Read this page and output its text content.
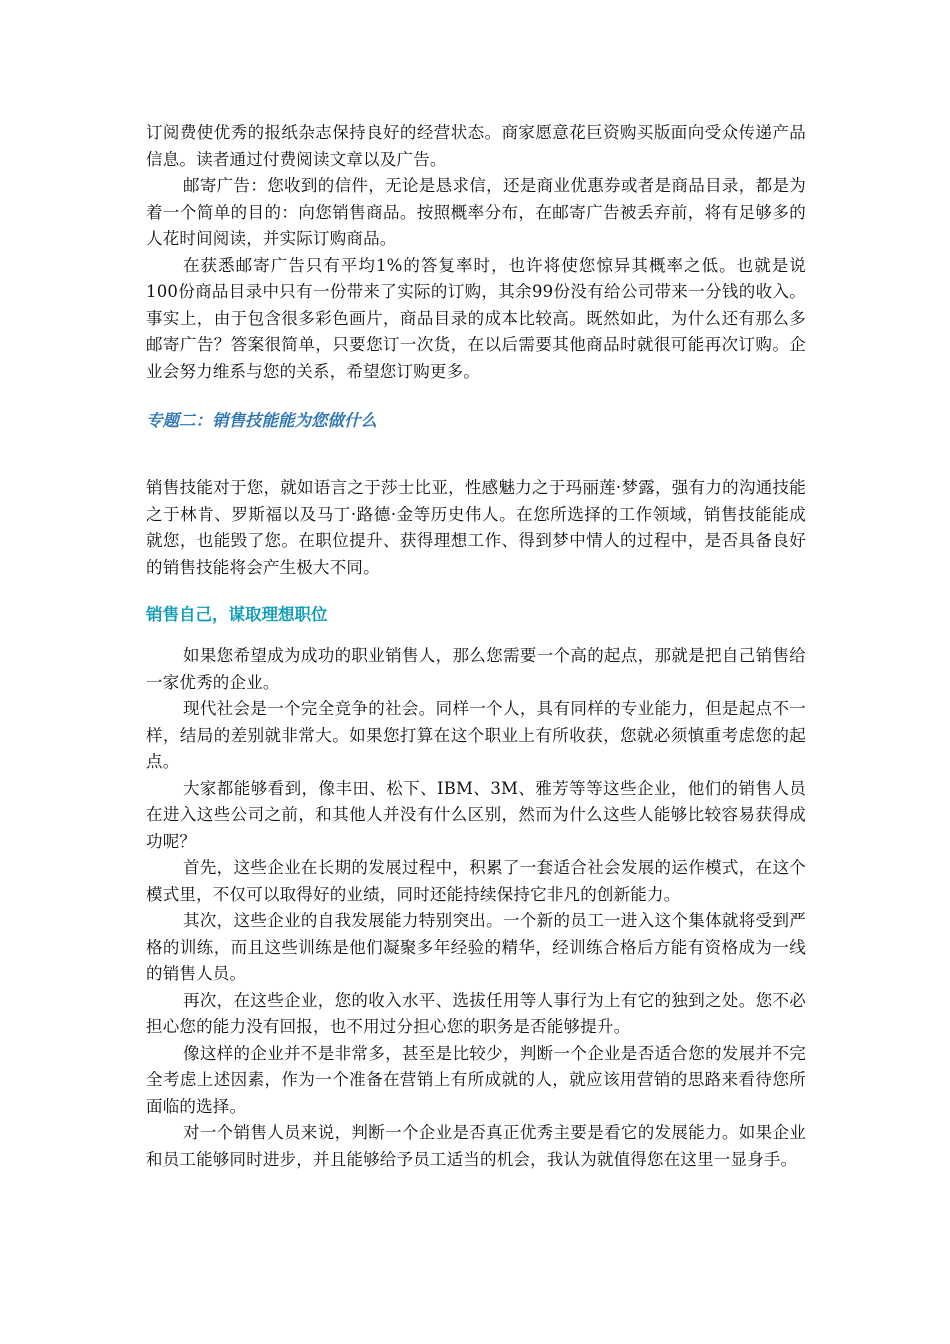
订阅费使优秀的报纸杂志保持良好的经营状态。商家愿意花巨资购买版面向受众传递产品信息。读者通过付费阅读文章以及广告。

邮寄广告：您收到的信件，无论是恳求信，还是商业优惠券或者是商品目录，都是为着一个简单的目的：向您销售商品。按照概率分布，在邮寄广告被丢弃前，将有足够多的人花时间阅读，并实际订购商品。

在获悉邮寄广告只有平均1%的答复率时，也许将使您惊异其概率之低。也就是说100份商品目录中只有一份带来了实际的订购，其余99份没有给公司带来一分钱的收入。事实上，由于包含很多彩色画片，商品目录的成本比较高。既然如此，为什么还有那么多邮寄广告？答案很简单，只要您订一次货，在以后需要其他商品时就很可能再次订购。企业会努力维系与您的关系，希望您订购更多。

专题二：销售技能能为您做什么

销售技能对于您，就如语言之于莎士比亚，性感魅力之于玛丽莲·梦露，强有力的沟通技能之于林肯、罗斯福以及马丁·路德·金等历史伟人。在您所选择的工作领域，销售技能能成就您，也能毁了您。在职位提升、获得理想工作、得到梦中情人的过程中，是否具备良好的销售技能将会产生极大不同。

销售自己，谋取理想职位

如果您希望成为成功的职业销售人，那么您需要一个高的起点，那就是把自己销售给一家优秀的企业。

现代社会是一个完全竞争的社会。同样一个人，具有同样的专业能力，但是起点不一样，结局的差别就非常大。如果您打算在这个职业上有所收获，您就必须慎重考虑您的起点。

大家都能够看到，像丰田、松下、IBM、3M、雅芳等等这些企业，他们的销售人员在进入这些公司之前，和其他人并没有什么区别，然而为什么这些人能够比较容易获得成功呢？

首先，这些企业在长期的发展过程中，积累了一套适合社会发展的运作模式，在这个模式里，不仅可以取得好的业绩，同时还能持续保持它非凡的创新能力。

其次，这些企业的自我发展能力特别突出。一个新的员工一进入这个集体就将受到严格的训练，而且这些训练是他们凝聚多年经验的精华，经训练合格后方能有资格成为一线的销售人员。

再次，在这些企业，您的收入水平、选拔任用等人事行为上有它的独到之处。您不必担心您的能力没有回报，也不用过分担心您的职务是否能够提升。

像这样的企业并不是非常多，甚至是比较少，判断一个企业是否适合您的发展并不完全考虑上述因素，作为一个准备在营销上有所成就的人，就应该用营销的思路来看待您所面临的选择。

对一个销售人员来说，判断一个企业是否真正优秀主要是看它的发展能力。如果企业和员工能够同时进步，并且能够给予员工适当的机会，我认为就值得您在这里一显身手。
